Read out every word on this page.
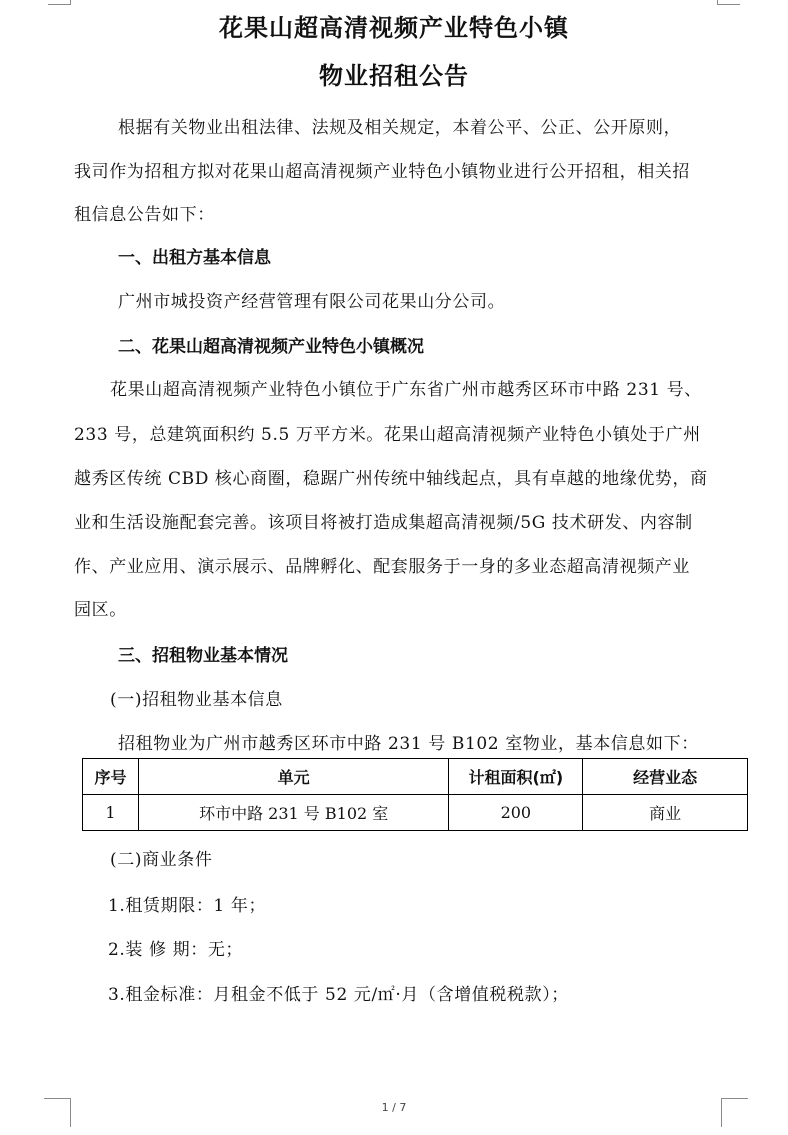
花果山超高清视频产业特色小镇
物业招租公告
根据有关物业出租法律、法规及相关规定，本着公平、公正、公开原则，
我司作为招租方拟对花果山超高清视频产业特色小镇物业进行公开招租，相关招
租信息公告如下：
一、出租方基本信息
广州市城投资产经营管理有限公司花果山分公司。
二、花果山超高清视频产业特色小镇概况
花果山超高清视频产业特色小镇位于广东省广州市越秀区环市中路 231 号、
233 号，总建筑面积约 5.5 万平方米。花果山超高清视频产业特色小镇处于广州
越秀区传统 CBD 核心商圈，稳踞广州传统中轴线起点，具有卓越的地缘优势，商
业和生活设施配套完善。该项目将被打造成集超高清视频/5G 技术研发、内容制
作、产业应用、演示展示、品牌孵化、配套服务于一身的多业态超高清视频产业
园区。
三、招租物业基本情况
(一)招租物业基本信息
招租物业为广州市越秀区环市中路 231 号 B102 室物业，基本信息如下：
序号	单元	计租面积(㎡)	经营业态
1	环市中路 231 号 B102 室	200	商业
(二)商业条件
1.租赁期限：1 年；
2.装 修 期：无；
3.租金标准：月租金不低于 52 元/㎡·月（含增值税税款）；
1 / 7
